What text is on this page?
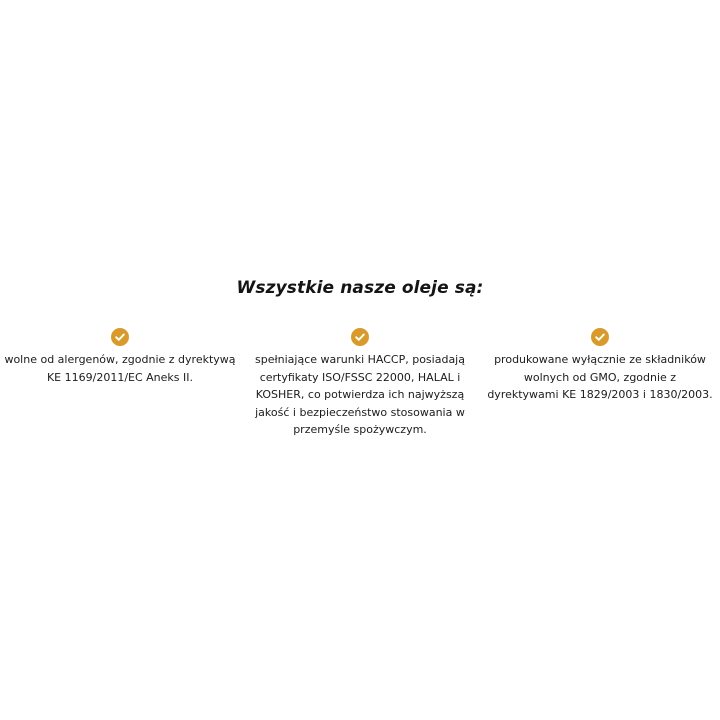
Wszystkie nasze oleje są:

wolne od alergenów, zgodnie z dyrektywą KE 1169/2011/EC Aneks II.

spełniające warunki HACCP, posiadają certyfikaty ISO/FSSC 22000, HALAL i KOSHER, co potwierdza ich najwyższą jakość i bezpieczeństwo stosowania w przemyśle spożywczym.

produkowane wyłącznie ze składników wolnych od GMO, zgodnie z dyrektywami KE 1829/2003 i 1830/2003.
